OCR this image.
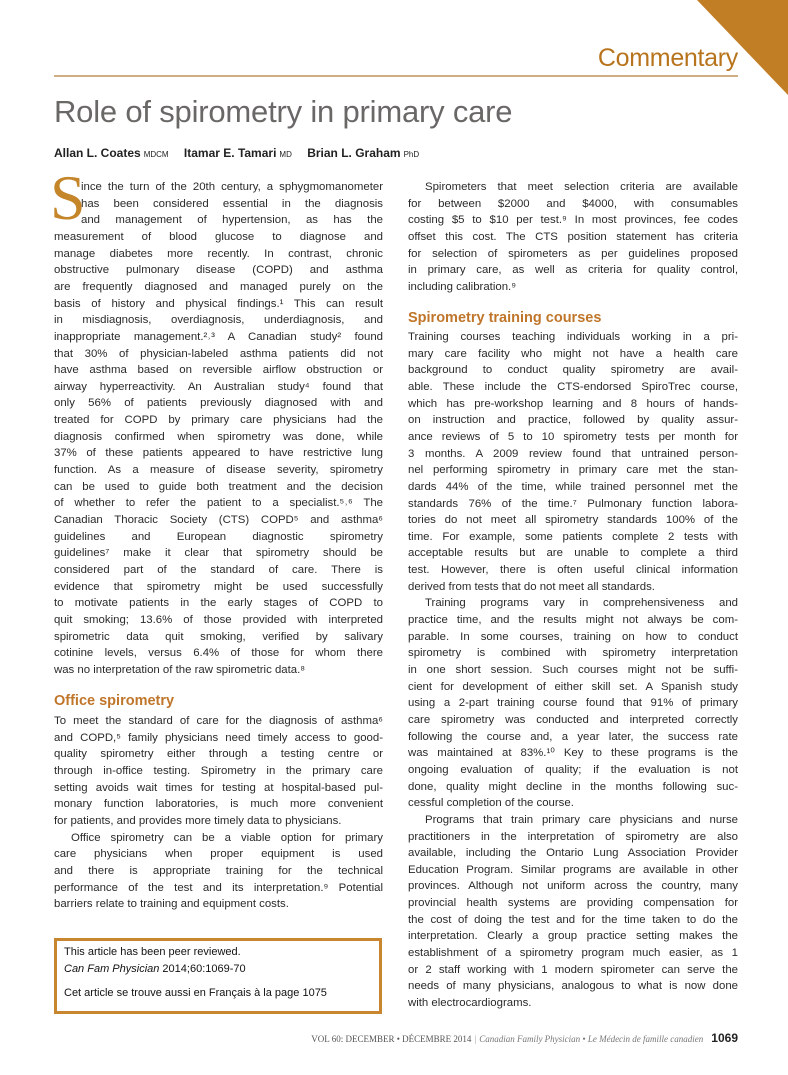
Commentary
Role of spirometry in primary care
Allan L. Coates MDCM Itamar E. Tamari MD Brian L. Graham PhD
S
Office spirometry
Spirometry training courses
ince the turn of the 20th century, a sphygmomanometer
has been considered essential in the diagnosis
and management of hypertension, as has the
measurement of blood glucose to diagnose and
manage diabetes more recently. In contrast, chronic
obstructive pulmonary disease (COPD) and asthma
are frequently diagnosed and managed purely on the
basis of history and physical findings.¹ This can result
in misdiagnosis, overdiagnosis, underdiagnosis, and
inappropriate management.²˒³ A Canadian study² found
that 30% of physician-labeled asthma patients did not
have asthma based on reversible airflow obstruction or
airway hyperreactivity. An Australian study⁴ found that
only 56% of patients previously diagnosed with and
treated for COPD by primary care physicians had the
diagnosis confirmed when spirometry was done, while
37% of these patients appeared to have restrictive lung
function. As a measure of disease severity, spirometry
can be used to guide both treatment and the decision
of whether to refer the patient to a specialist.⁵˒⁶ The
Canadian Thoracic Society (CTS) COPD⁵ and asthma⁶
guidelines and European diagnostic spirometry
guidelines⁷ make it clear that spirometry should be
considered part of the standard of care. There is
evidence that spirometry might be used successfully
to motivate patients in the early stages of COPD to
quit smoking; 13.6% of those provided with interpreted
spirometric data quit smoking, verified by salivary
cotinine levels, versus 6.4% of those for whom there
was no interpretation of the raw spirometric data.⁸
To meet the standard of care for the diagnosis of asthma⁶
and COPD,⁵ family physicians need timely access to good-
quality spirometry either through a testing centre or
through in-office testing. Spirometry in the primary care
setting avoids wait times for testing at hospital-based pul-
monary function laboratories, is much more convenient
for patients, and provides more timely data to physicians.
Office spirometry can be a viable option for primary
care physicians when proper equipment is used
and there is appropriate training for the technical
performance of the test and its interpretation.⁹ Potential
barriers relate to training and equipment costs.
Spirometers that meet selection criteria are available
for between $2000 and $4000, with consumables
costing $5 to $10 per test.⁹ In most provinces, fee codes
offset this cost. The CTS position statement has criteria
for selection of spirometers as per guidelines proposed
in primary care, as well as criteria for quality control,
including calibration.⁹
Training courses teaching individuals working in a pri-
mary care facility who might not have a health care
background to conduct quality spirometry are avail-
able. These include the CTS-endorsed SpiroTrec course,
which has pre-workshop learning and 8 hours of hands-
on instruction and practice, followed by quality assur-
ance reviews of 5 to 10 spirometry tests per month for
3 months. A 2009 review found that untrained person-
nel performing spirometry in primary care met the stan-
dards 44% of the time, while trained personnel met the
standards 76% of the time.⁷ Pulmonary function labora-
tories do not meet all spirometry standards 100% of the
time. For example, some patients complete 2 tests with
acceptable results but are unable to complete a third
test. However, there is often useful clinical information
derived from tests that do not meet all standards.
Training programs vary in comprehensiveness and
practice time, and the results might not always be com-
parable. In some courses, training on how to conduct
spirometry is combined with spirometry interpretation
in one short session. Such courses might not be suffi-
cient for development of either skill set. A Spanish study
using a 2-part training course found that 91% of primary
care spirometry was conducted and interpreted correctly
following the course and, a year later, the success rate
was maintained at 83%.¹⁰ Key to these programs is the
ongoing evaluation of quality; if the evaluation is not
done, quality might decline in the months following suc-
cessful completion of the course.
Programs that train primary care physicians and nurse
practitioners in the interpretation of spirometry are also
available, including the Ontario Lung Association Provider
Education Program. Similar programs are available in other
provinces. Although not uniform across the country, many
provincial health systems are providing compensation for
the cost of doing the test and for the time taken to do the
interpretation. Clearly a group practice setting makes the
establishment of a spirometry program much easier, as 1
or 2 staff working with 1 modern spirometer can serve the
needs of many physicians, analogous to what is now done
with electrocardiograms.
This article has been peer reviewed.
Can Fam Physician 2014;60:1069-70
Cet article se trouve aussi en Français à la page 1075
VOL 60: DECEMBER • DÉCEMBRE 2014 | Canadian Family Physician • Le Médecin de famille canadien 1069
